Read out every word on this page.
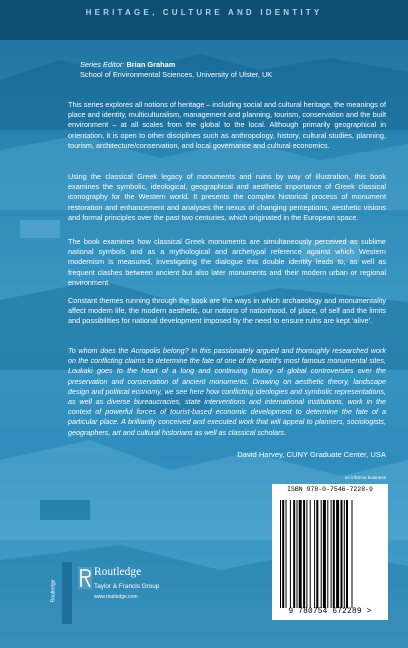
HERITAGE, CULTURE AND IDENTITY
Series Editor: Brian Graham
School of Environmental Sciences, University of Ulster, UK

This series explores all notions of heritage – including social and cultural heritage, the meanings of place and identity, multiculturalism, management and planning, tourism, conservation and the built environment – at all scales from the global to the local. Although primarily geographical in orientation, it is open to other disciplines such as anthropology, history, cultural studies, planning, tourism, architecture/conservation, and local governance and cultural economics.

Using the classical Greek legacy of monuments and ruins by way of illustration, this book examines the symbolic, ideological, geographical and aesthetic importance of Greek classical iconography for the Western world. It presents the complex historical process of monument restoration and enhancement and analyses the nexus of changing perceptions, aesthetic visions and formal principles over the past two centuries, which originated in the European space.

The book examines how classical Greek monuments are simultaneously perceived as sublime national symbols and as a mythological and archetypal reference against which Western modernism is measured, investigating the dialogue this double identity leads to, as well as frequent clashes between ancient but also later monuments and their modern urban or regional environment.

Constant themes running through the book are the ways in which archaeology and monumentality affect modern life, the modern aesthetic, our notions of nationhood, of place, of self and the limits and possibilities for national development imposed by the need to ensure ruins are kept ‘alive’.

To whom does the Acropolis belong? In this passionately argued and thoroughly researched work on the conflicting claims to determine the fate of one of the world’s most famous monumental sites, Loukaki goes to the heart of a long and continuing history of global controversies over the preservation and conservation of ancient monuments. Drawing on aesthetic theory, landscape design and political economy, we see here how conflicting ideologies and symbolic representations, as well as diverse bureaucracies, state interventions and international institutions, work in the context of powerful forces of tourist-based economic development to determine the fate of a particular place. A brilliantly conceived and executed work that will appeal to planners, sociologists, geographers, art and cultural historians as well as classical scholars.

David Harvey, CUNY Graduate Center, USA
an informa business
ISBN 978-0-7546-7228-9
9 780754 672289 >
Routledge
Routledge
Taylor & Francis Group
www.routledge.com
